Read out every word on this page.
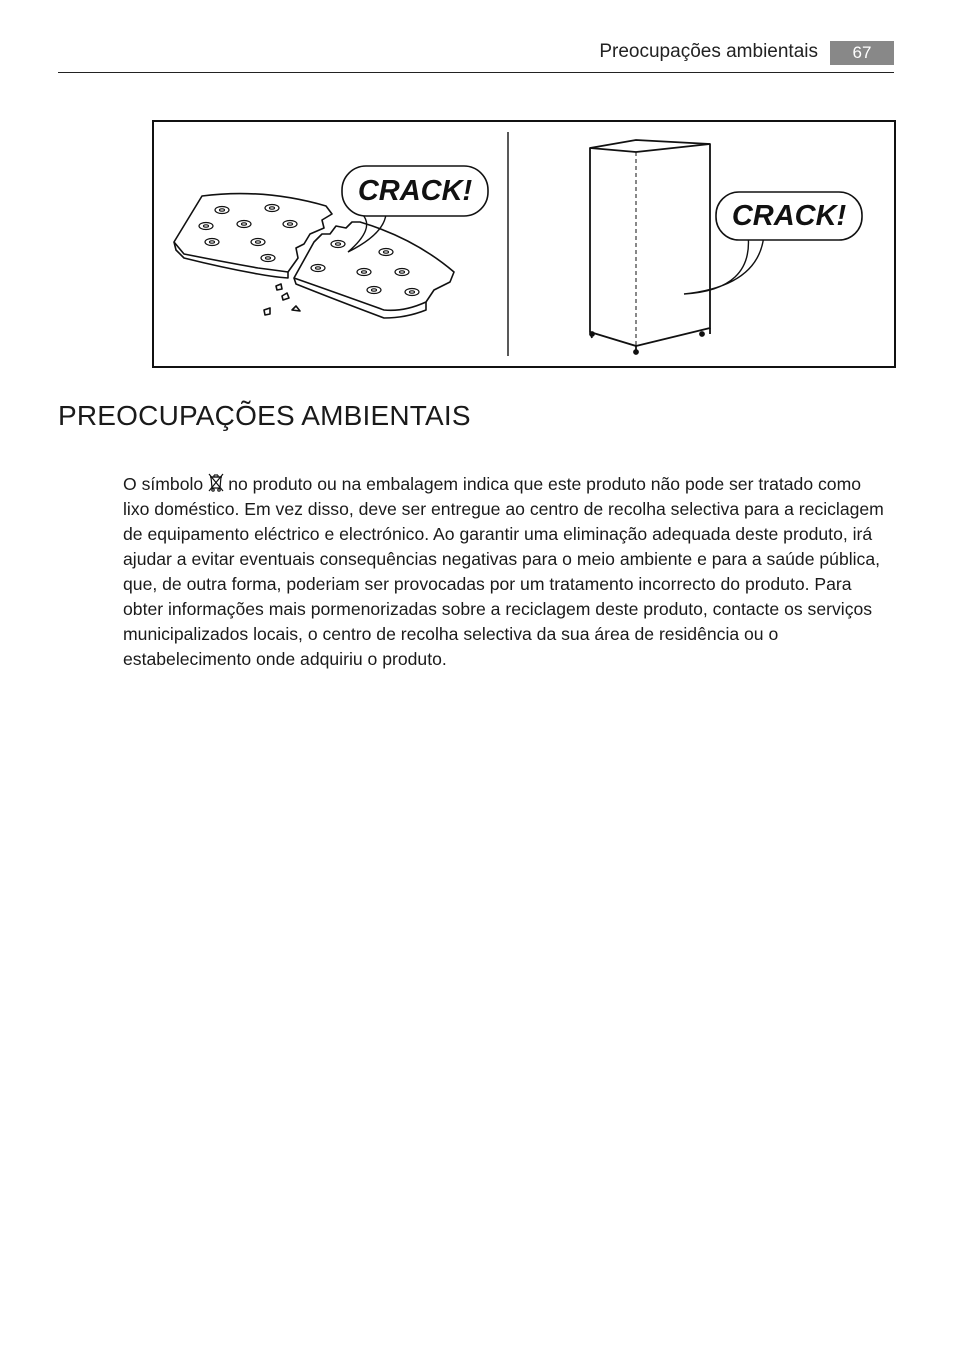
Preocupações ambientais	67
CRACK!
CRACK!
PREOCUPAÇÕES AMBIENTAIS

O símbolo no produto ou na embalagem indica que este produto não pode ser tratado como lixo doméstico. Em vez disso, deve ser entregue ao centro de recolha selectiva para a reciclagem de equipamento eléctrico e electrónico. Ao garantir uma eliminação adequada deste produto, irá ajudar a evitar eventuais consequências negativas para o meio ambiente e para a saúde pública, que, de outra forma, poderiam ser provocadas por um tratamento incorrecto do produto. Para obter informações mais pormenorizadas sobre a reciclagem deste produto, contacte os serviços municipalizados locais, o centro de recolha selectiva da sua área de residência ou o estabelecimento onde adquiriu o produto.
